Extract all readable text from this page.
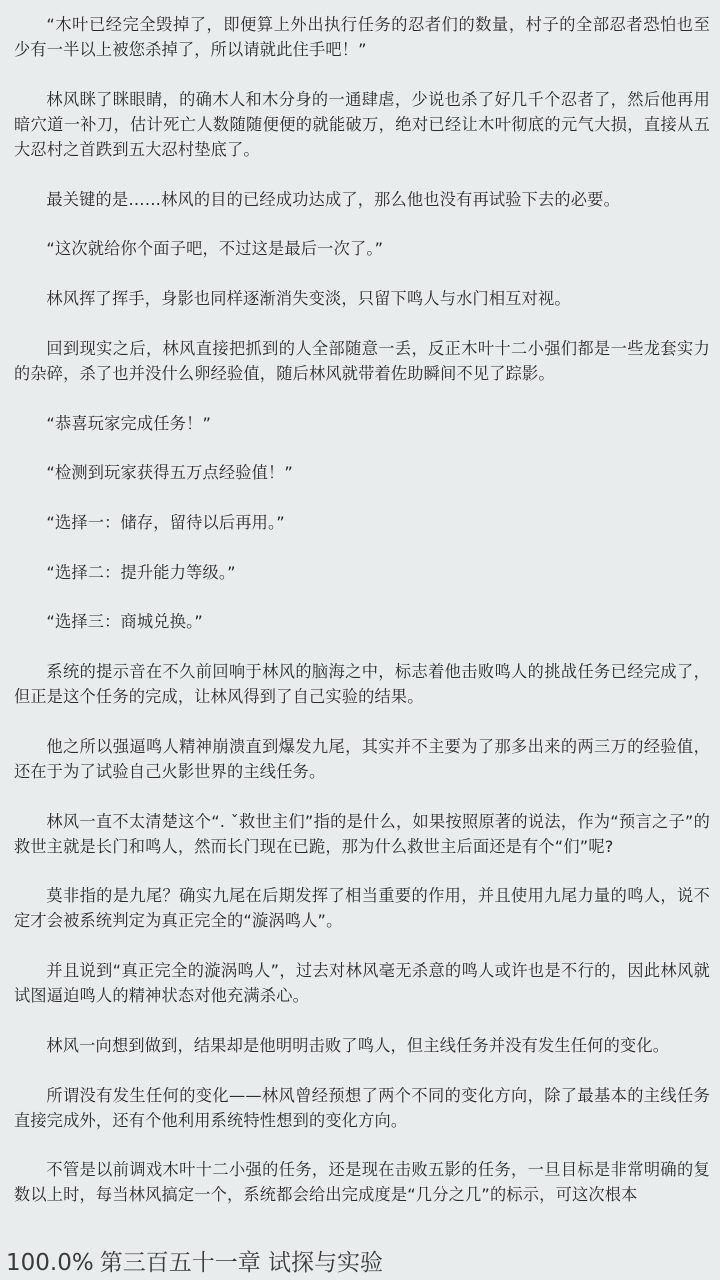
“木叶已经完全毁掉了，即便算上外出执行任务的忍者们的数量，村子的全部忍者恐怕也至少有一半以上被您杀掉了，所以请就此住手吧！”

林风眯了眯眼睛，的确木人和木分身的一通肆虐，少说也杀了好几千个忍者了，然后他再用暗穴道一补刀，估计死亡人数随随便便的就能破万，绝对已经让木叶彻底的元气大损，直接从五大忍村之首跌到五大忍村垫底了。

最关键的是……林风的目的已经成功达成了，那么他也没有再试验下去的必要。

“这次就给你个面子吧，不过这是最后一次了。”

林风挥了挥手，身影也同样逐渐消失变淡，只留下鸣人与水门相互对视。

回到现实之后，林风直接把抓到的人全部随意一丢，反正木叶十二小强们都是一些龙套实力的杂碎，杀了也并没什么卵经验值，随后林风就带着佐助瞬间不见了踪影。

“恭喜玩家完成任务！”

“检测到玩家获得五万点经验值！”

“选择一：储存，留待以后再用。”

“选择二：提升能力等级。”

“选择三：商城兑换。”

系统的提示音在不久前回响于林风的脑海之中，标志着他击败鸣人的挑战任务已经完成了，但正是这个任务的完成，让林风得到了自己实验的结果。

他之所以强逼鸣人精神崩溃直到爆发九尾，其实并不主要为了那多出来的两三万的经验值，还在于为了试验自己火影世界的主线任务。

林风一直不太清楚这个“. ˇ救世主们”指的是什么，如果按照原著的说法，作为“预言之子”的救世主就是长门和鸣人，然而长门现在已跪，那为什么救世主后面还是有个“们”呢?

莫非指的是九尾？确实九尾在后期发挥了相当重要的作用，并且使用九尾力量的鸣人，说不定才会被系统判定为真正完全的“漩涡鸣人”。

并且说到“真正完全的漩涡鸣人”，过去对林风毫无杀意的鸣人或许也是不行的，因此林风就试图逼迫鸣人的精神状态对他充满杀心。

林风一向想到做到，结果却是他明明击败了鸣人，但主线任务并没有发生任何的变化。

所谓没有发生任何的变化——林风曾经预想了两个不同的变化方向，除了最基本的主线任务直接完成外，还有个他利用系统特性想到的变化方向。

不管是以前调戏木叶十二小强的任务，还是现在击败五影的任务，一旦目标是非常明确的复数以上时，每当林风搞定一个，系统都会给出完成度是“几分之几”的标示，可这次根本

100.0% 第三百五十一章 试探与实验
